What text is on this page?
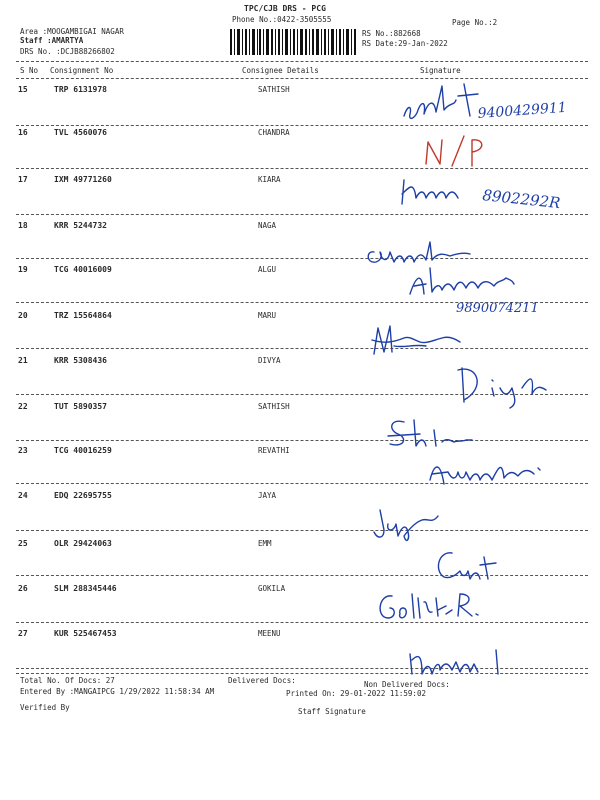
TPC/CJB DRS - PCG
Phone No.:0422-3505555	Page No.:2
Area :MOOGAMBIGAI NAGAR
Staff :AMARTYA
DRS No. :DCJB88266802
RS No.:882668
RS Date:29-Jan-2022
S No Consignment No	Consignee Details	Signature
15	TRP 6131978	SATHISH
16	TVL 4560076	CHANDRA
17	IXM 49771260	KIARA
18	KRR 5244732	NAGA
19	TCG 40016009	ALGU
20	TRZ 15564864	MARU
21	KRR 5308436	DIVYA
22	TUT 5890357	SATHISH
23	TCG 40016259	REVATHI
24	EDQ 22695755	JAYA
25	OLR 29424063	EMM
26	SLM 288345446	GOKILA
27	KUR 525467453	MEENU
9400429911
8902292R
9890074211
Total No. Of Docs: 27	Delivered Docs:	Non Delivered Docs:
Entered By :MANGAIPCG 1/29/2022 11:58:34 AM	Printed On: 29-01-2022 11:59:02
Verified By	Staff Signature
